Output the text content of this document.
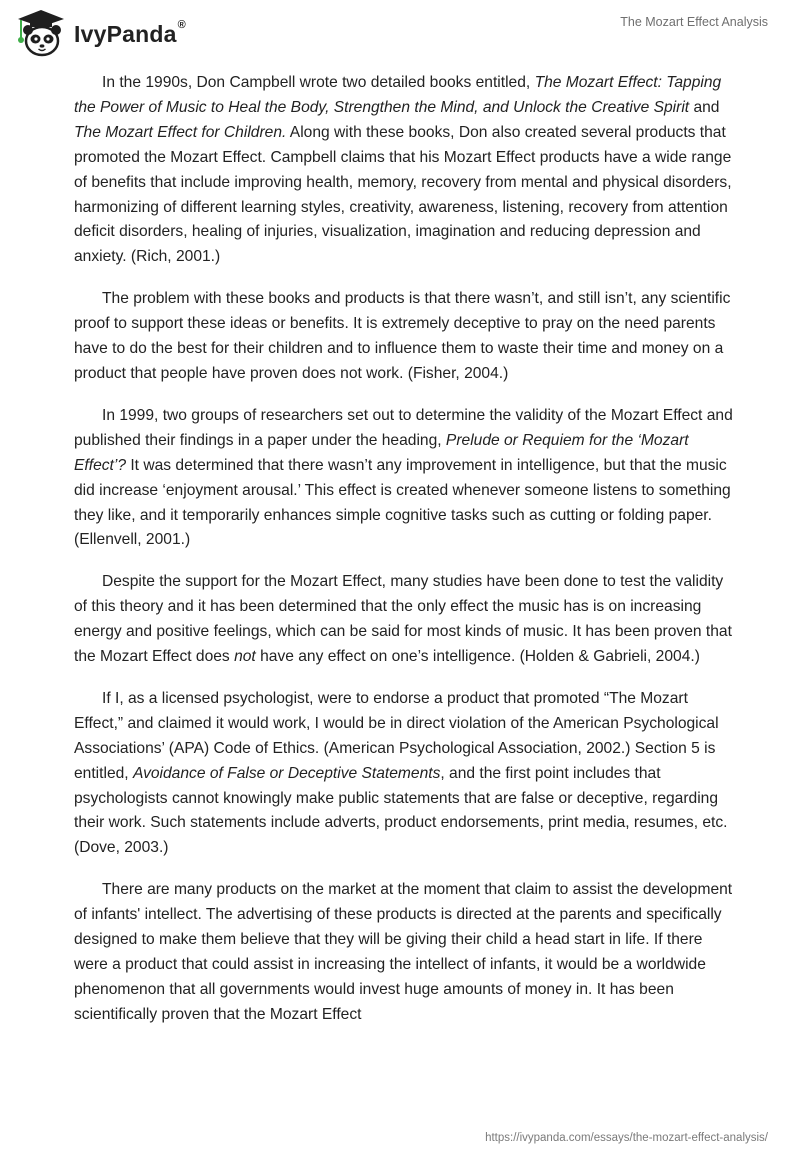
IvyPanda®	The Mozart Effect Analysis

In the 1990s, Don Campbell wrote two detailed books entitled, The Mozart Effect: Tapping the Power of Music to Heal the Body, Strengthen the Mind, and Unlock the Creative Spirit and The Mozart Effect for Children. Along with these books, Don also created several products that promoted the Mozart Effect. Campbell claims that his Mozart Effect products have a wide range of benefits that include improving health, memory, recovery from mental and physical disorders, harmonizing of different learning styles, creativity, awareness, listening, recovery from attention deficit disorders, healing of injuries, visualization, imagination and reducing depression and anxiety. (Rich, 2001.)

The problem with these books and products is that there wasn’t, and still isn’t, any scientific proof to support these ideas or benefits. It is extremely deceptive to pray on the need parents have to do the best for their children and to influence them to waste their time and money on a product that people have proven does not work. (Fisher, 2004.)

In 1999, two groups of researchers set out to determine the validity of the Mozart Effect and published their findings in a paper under the heading, Prelude or Requiem for the ‘Mozart Effect’? It was determined that there wasn’t any improvement in intelligence, but that the music did increase ‘enjoyment arousal.’ This effect is created whenever someone listens to something they like, and it temporarily enhances simple cognitive tasks such as cutting or folding paper. (Ellenvell, 2001.)

Despite the support for the Mozart Effect, many studies have been done to test the validity of this theory and it has been determined that the only effect the music has is on increasing energy and positive feelings, which can be said for most kinds of music. It has been proven that the Mozart Effect does not have any effect on one’s intelligence. (Holden & Gabrieli, 2004.)

If I, as a licensed psychologist, were to endorse a product that promoted “The Mozart Effect,” and claimed it would work, I would be in direct violation of the American Psychological Associations’ (APA) Code of Ethics. (American Psychological Association, 2002.) Section 5 is entitled, Avoidance of False or Deceptive Statements, and the first point includes that psychologists cannot knowingly make public statements that are false or deceptive, regarding their work. Such statements include adverts, product endorsements, print media, resumes, etc. (Dove, 2003.)

There are many products on the market at the moment that claim to assist the development of infants' intellect. The advertising of these products is directed at the parents and specifically designed to make them believe that they will be giving their child a head start in life. If there were a product that could assist in increasing the intellect of infants, it would be a worldwide phenomenon that all governments would invest huge amounts of money in. It has been scientifically proven that the Mozart Effect

https://ivypanda.com/essays/the-mozart-effect-analysis/
